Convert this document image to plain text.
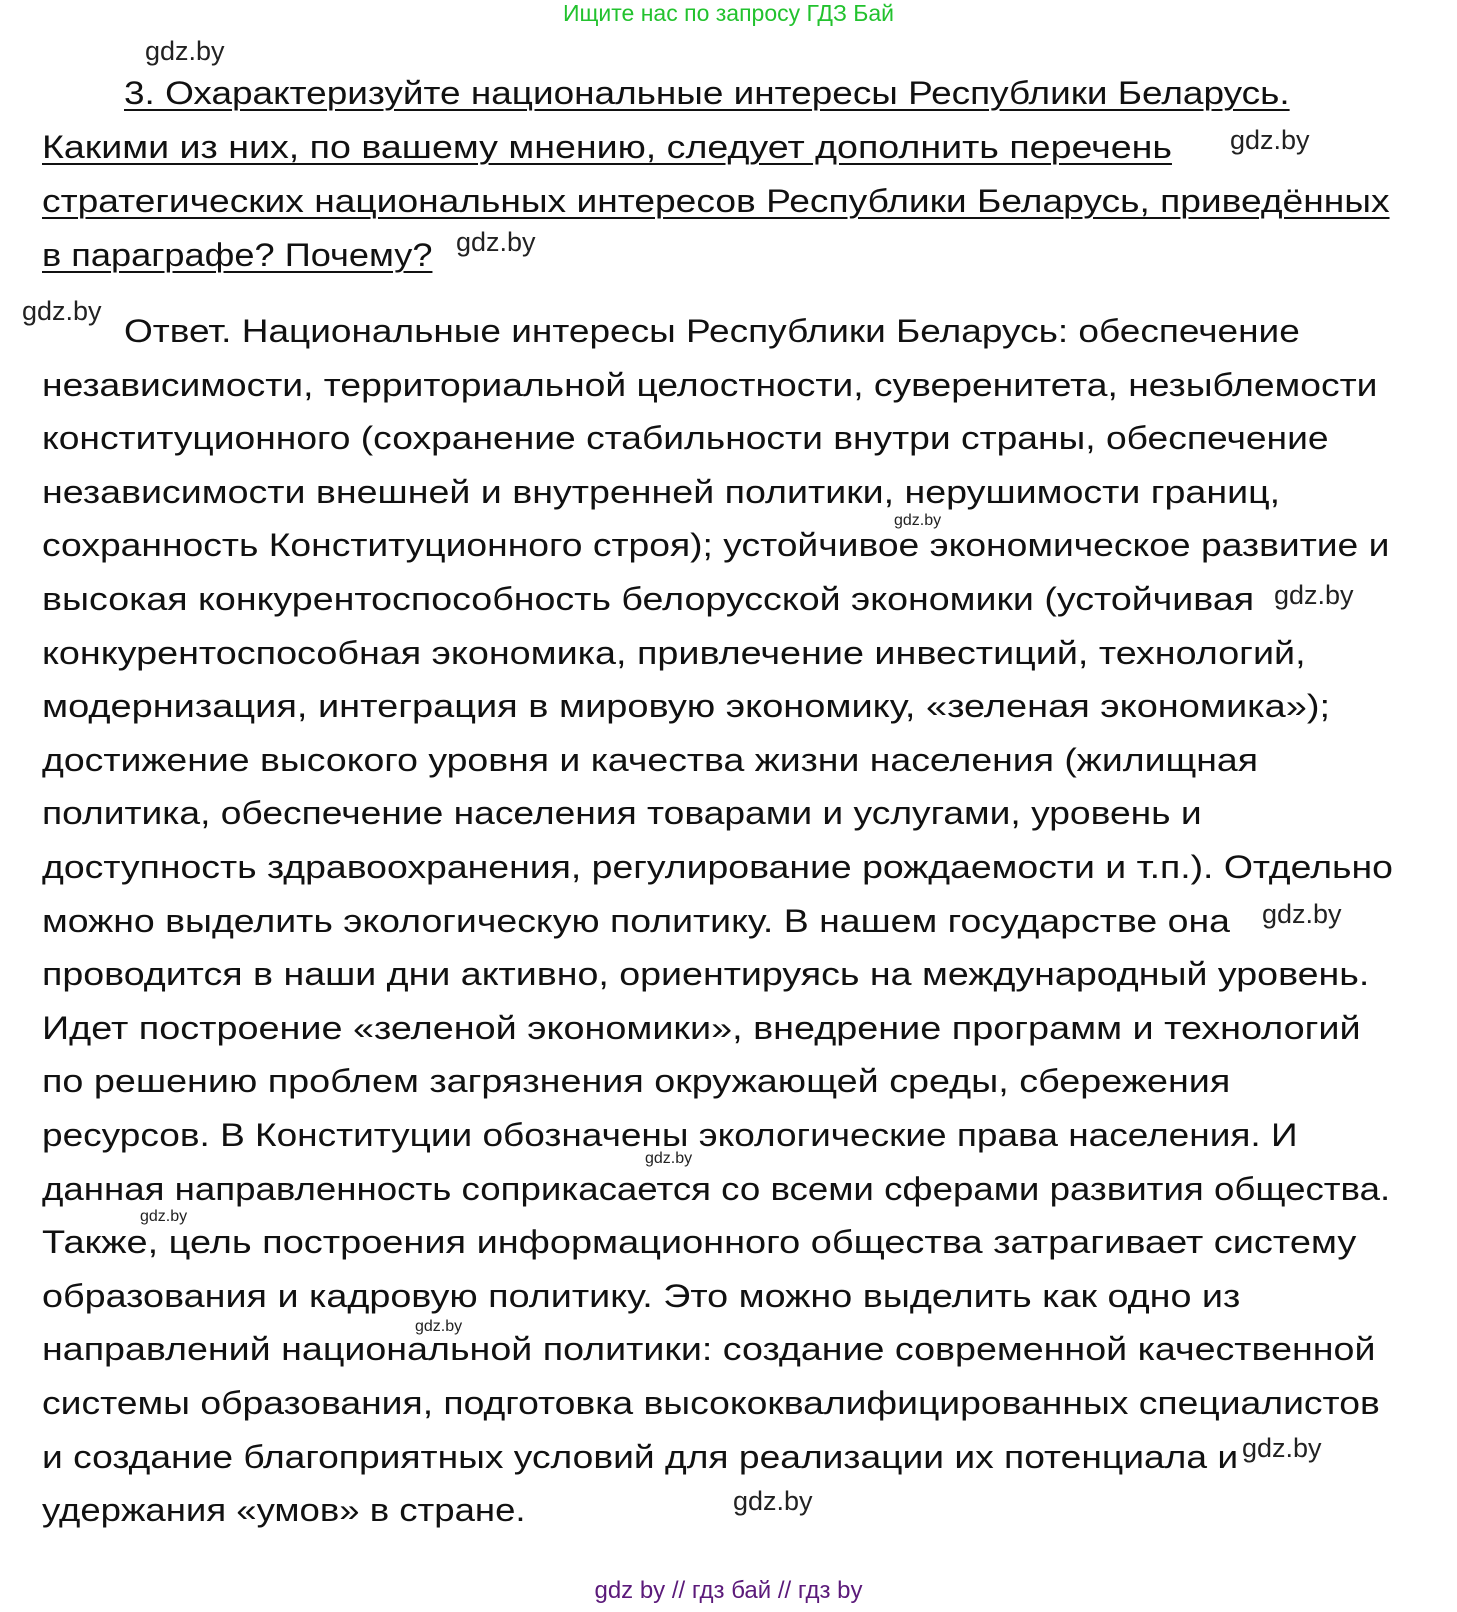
Ищите нас по запросу ГДЗ Бай
gdz by // гдз бай // гдз by
3. Охарактеризуйте национальные интересы Республики Беларусь.
Какими из них, по вашему мнению, следует дополнить перечень
стратегических национальных интересов Республики Беларусь, приведённых
в параграфе? Почему?
Ответ. Национальные интересы Республики Беларусь: обеспечение
независимости, территориальной целостности, суверенитета, незыблемости
конституционного (сохранение стабильности внутри страны, обеспечение
независимости внешней и внутренней политики, нерушимости границ,
сохранность Конституционного строя); устойчивое экономическое развитие и
высокая конкурентоспособность белорусской экономики (устойчивая
конкурентоспособная экономика, привлечение инвестиций, технологий,
модернизация, интеграция в мировую экономику, «зеленая экономика»);
достижение высокого уровня и качества жизни населения (жилищная
политика, обеспечение населения товарами и услугами, уровень и
доступность здравоохранения, регулирование рождаемости и т.п.). Отдельно
можно выделить экологическую политику. В нашем государстве она
проводится в наши дни активно, ориентируясь на международный уровень.
Идет построение «зеленой экономики», внедрение программ и технологий
по решению проблем загрязнения окружающей среды, сбережения
ресурсов. В Конституции обозначены экологические права населения. И
данная направленность соприкасается со всеми сферами развития общества.
Также, цель построения информационного общества затрагивает систему
образования и кадровую политику. Это можно выделить как одно из
направлений национальной политики: создание современной качественной
системы образования, подготовка высококвалифицированных специалистов
и создание благоприятных условий для реализации их потенциала и
удержания «умов» в стране.
gdz.by
gdz.by
gdz.by
gdz.by
gdz.by
gdz.by
gdz.by
gdz.by
gdz.by
gdz.by
gdz.by
gdz.by
